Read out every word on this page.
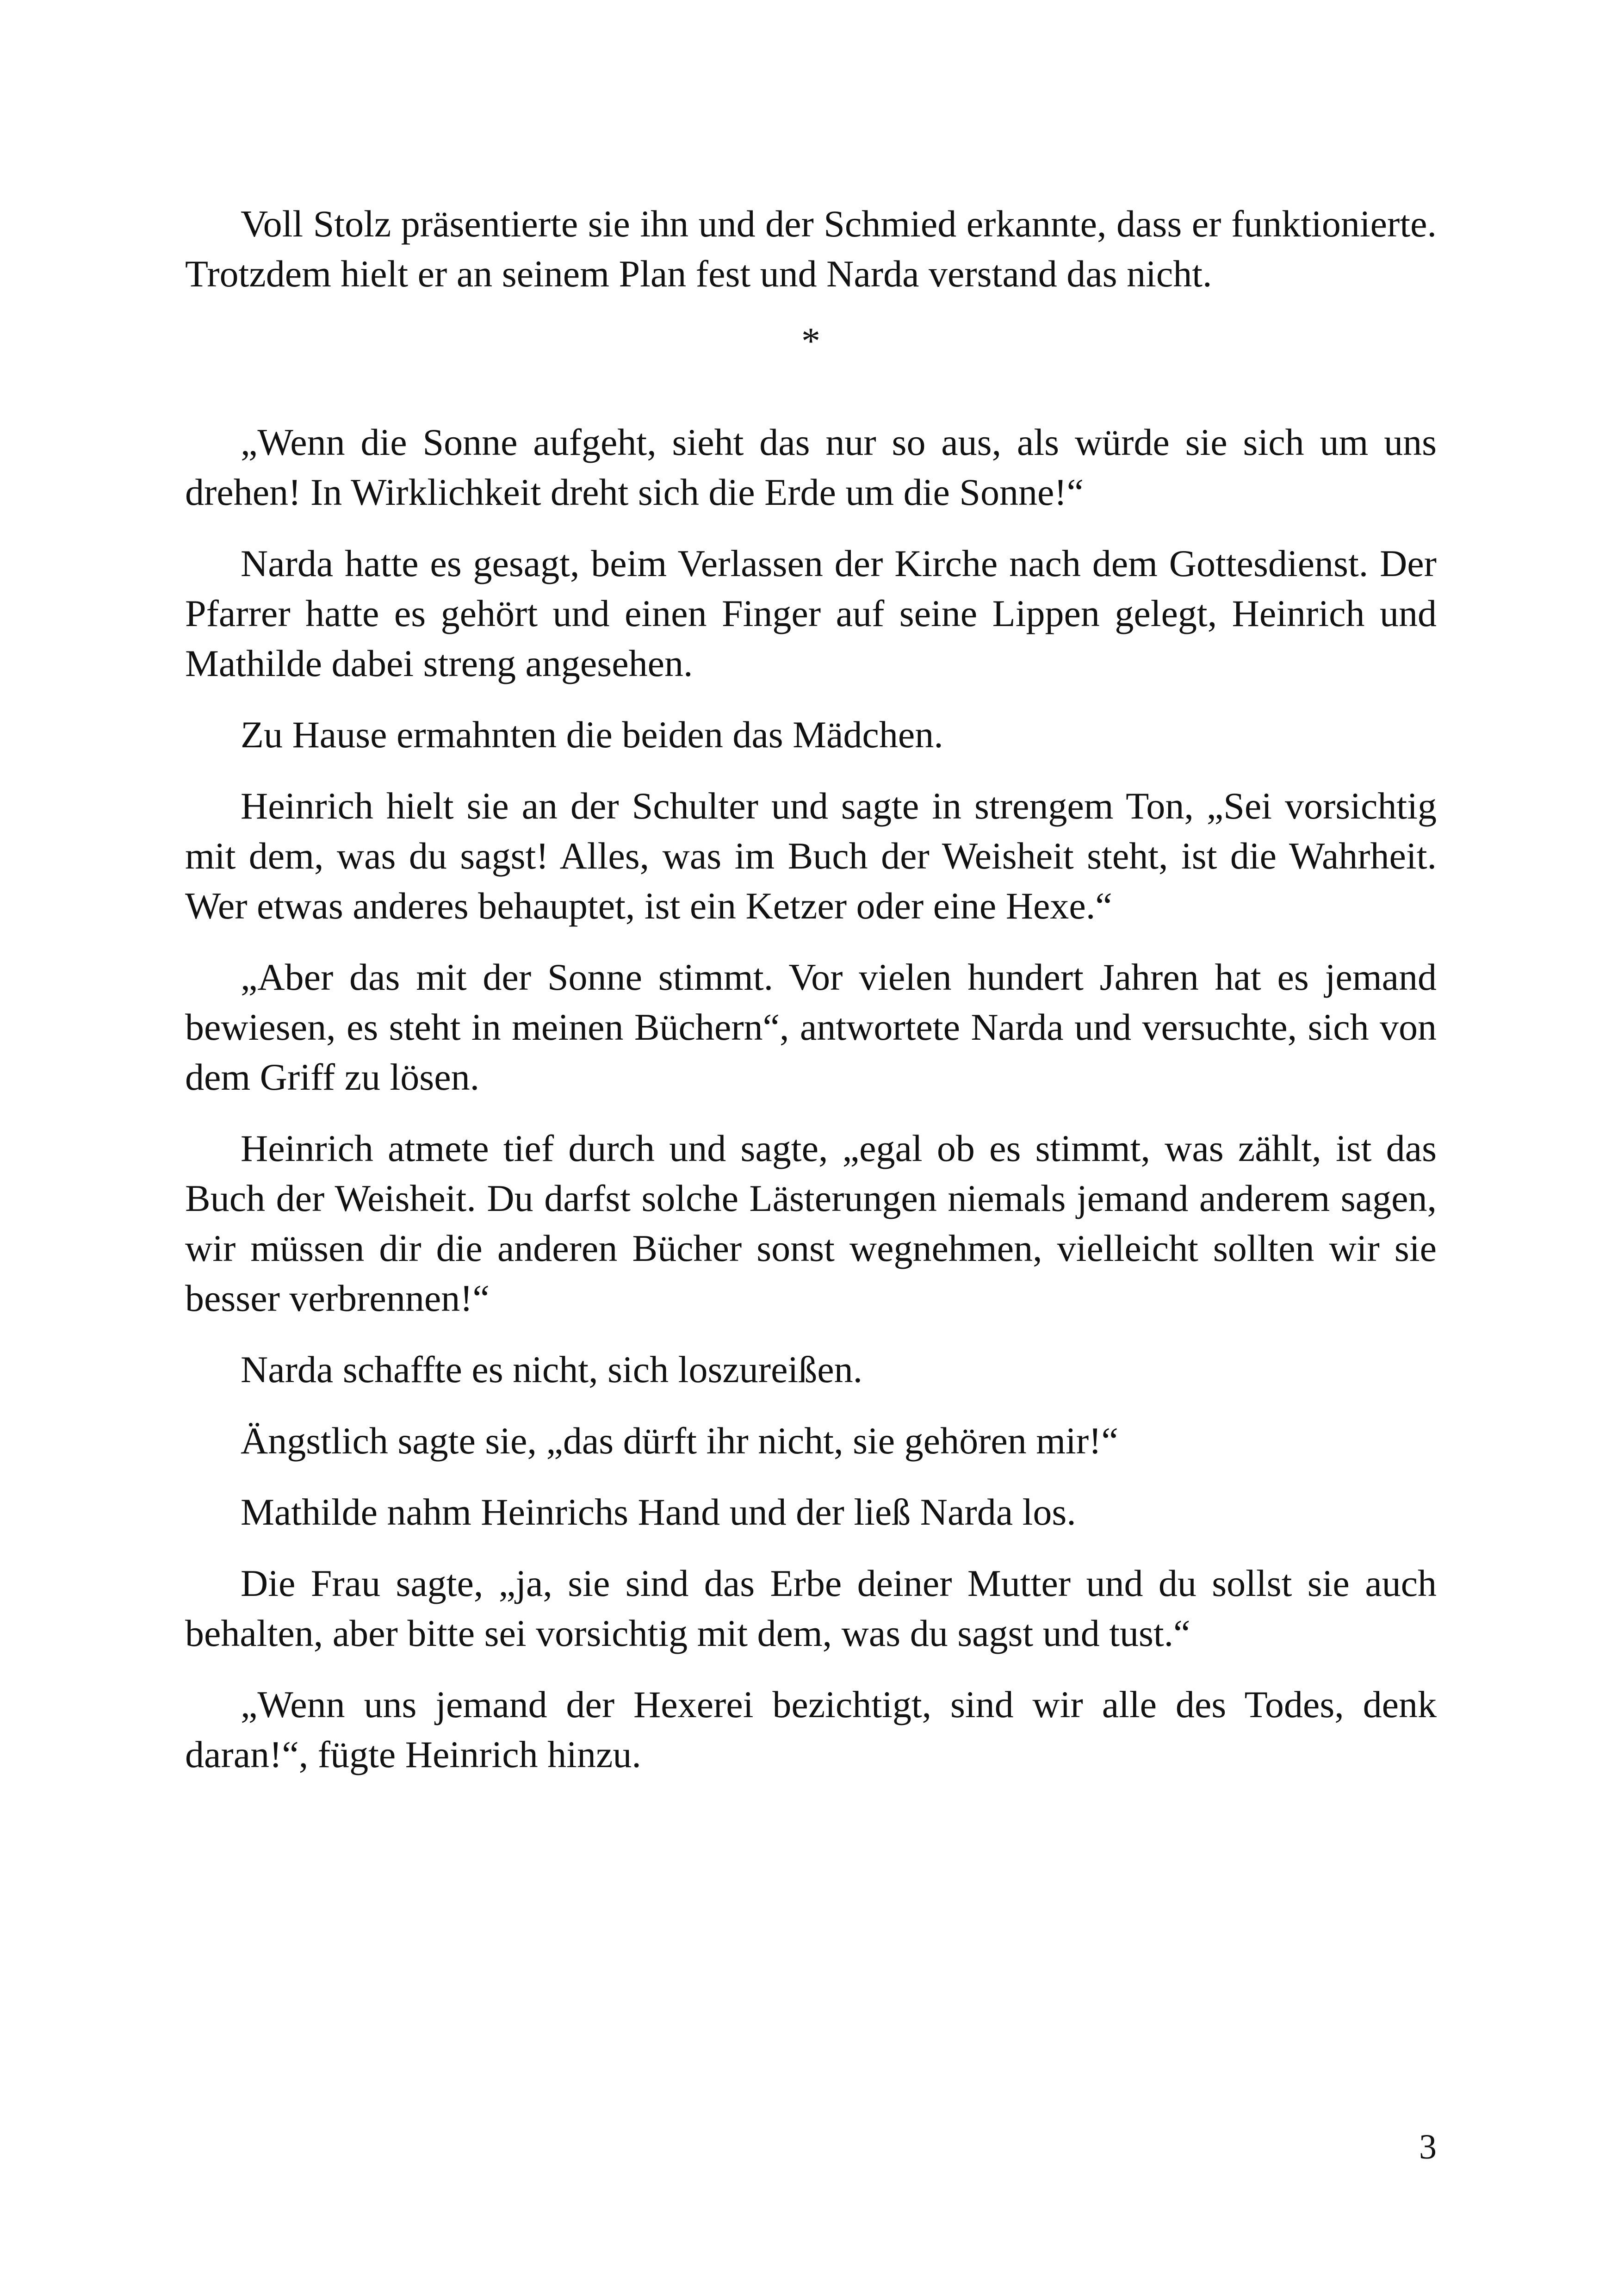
Voll Stolz präsentierte sie ihn und der Schmied erkannte, dass er funktionierte. Trotzdem hielt er an seinem Plan fest und Narda verstand das nicht.

*

„Wenn die Sonne aufgeht, sieht das nur so aus, als würde sie sich um uns drehen! In Wirklichkeit dreht sich die Erde um die Sonne!“

Narda hatte es gesagt, beim Verlassen der Kirche nach dem Gottesdienst. Der Pfarrer hatte es gehört und einen Finger auf seine Lippen gelegt, Heinrich und Mathilde dabei streng angesehen.

Zu Hause ermahnten die beiden das Mädchen.

Heinrich hielt sie an der Schulter und sagte in strengem Ton, „Sei vorsichtig mit dem, was du sagst! Alles, was im Buch der Weisheit steht, ist die Wahrheit. Wer etwas anderes behauptet, ist ein Ketzer oder eine Hexe.“

„Aber das mit der Sonne stimmt. Vor vielen hundert Jahren hat es jemand bewiesen, es steht in meinen Büchern“, antwortete Narda und versuchte, sich von dem Griff zu lösen.

Heinrich atmete tief durch und sagte, „egal ob es stimmt, was zählt, ist das Buch der Weisheit. Du darfst solche Lästerungen niemals jemand anderem sagen, wir müssen dir die anderen Bücher sonst wegnehmen, vielleicht sollten wir sie besser verbrennen!“

Narda schaffte es nicht, sich loszureißen.

Ängstlich sagte sie, „das dürft ihr nicht, sie gehören mir!“

Mathilde nahm Heinrichs Hand und der ließ Narda los.

Die Frau sagte, „ja, sie sind das Erbe deiner Mutter und du sollst sie auch behalten, aber bitte sei vorsichtig mit dem, was du sagst und tust.“

„Wenn uns jemand der Hexerei bezichtigt, sind wir alle des Todes, denk daran!“, fügte Heinrich hinzu.

3
